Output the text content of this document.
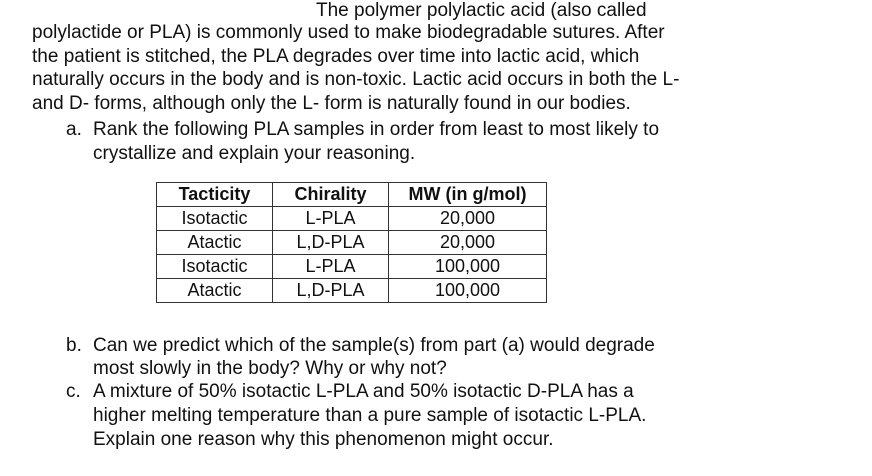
The polymer polylactic acid (also called
polylactide or PLA) is commonly used to make biodegradable sutures. After
the patient is stitched, the PLA degrades over time into lactic acid, which
naturally occurs in the body and is non-toxic. Lactic acid occurs in both the L-
and D- forms, although only the L- form is naturally found in our bodies.
a. Rank the following PLA samples in order from least to most likely to
crystallize and explain your reasoning.
Tacticity	Chirality	MW (in g/mol)
Isotactic	L-PLA	20,000
Atactic	L,D-PLA	20,000
Isotactic	L-PLA	100,000
Atactic	L,D-PLA	100,000
b. Can we predict which of the sample(s) from part (a) would degrade
most slowly in the body? Why or why not?
c. A mixture of 50% isotactic L-PLA and 50% isotactic D-PLA has a
higher melting temperature than a pure sample of isotactic L-PLA.
Explain one reason why this phenomenon might occur.
